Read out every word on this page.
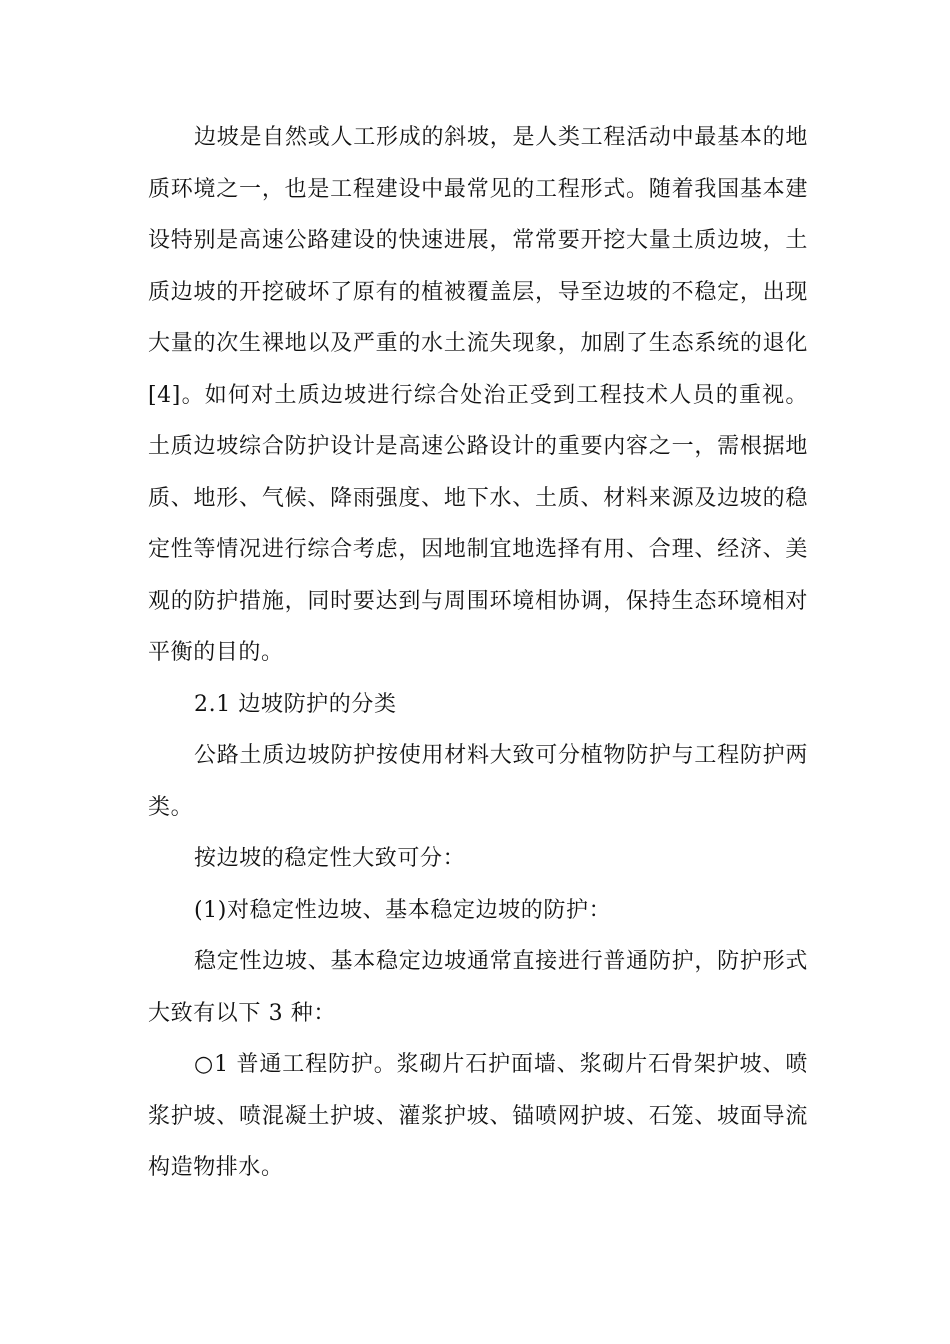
边坡是自然或人工形成的斜坡，是人类工程活动中最基本的地质环境之一，也是工程建设中最常见的工程形式。随着我国基本建设特别是高速公路建设的快速进展，常常要开挖大量土质边坡，土质边坡的开挖破坏了原有的植被覆盖层，导至边坡的不稳定，出现大量的次生裸地以及严重的水土流失现象，加剧了生态系统的退化[4]。如何对土质边坡进行综合处治正受到工程技术人员的重视。土质边坡综合防护设计是高速公路设计的重要内容之一，需根据地质、地形、气候、降雨强度、地下水、土质、材料来源及边坡的稳定性等情况进行综合考虑，因地制宜地选择有用、合理、经济、美观的防护措施，同时要达到与周围环境相协调，保持生态环境相对平衡的目的。

2.1 边坡防护的分类

公路土质边坡防护按使用材料大致可分植物防护与工程防护两类。

按边坡的稳定性大致可分：

(1)对稳定性边坡、基本稳定边坡的防护：

稳定性边坡、基本稳定边坡通常直接进行普通防护，防护形式大致有以下 3 种：

○1 普通工程防护。浆砌片石护面墙、浆砌片石骨架护坡、喷浆护坡、喷混凝土护坡、灌浆护坡、锚喷网护坡、石笼、坡面导流构造物排水。
